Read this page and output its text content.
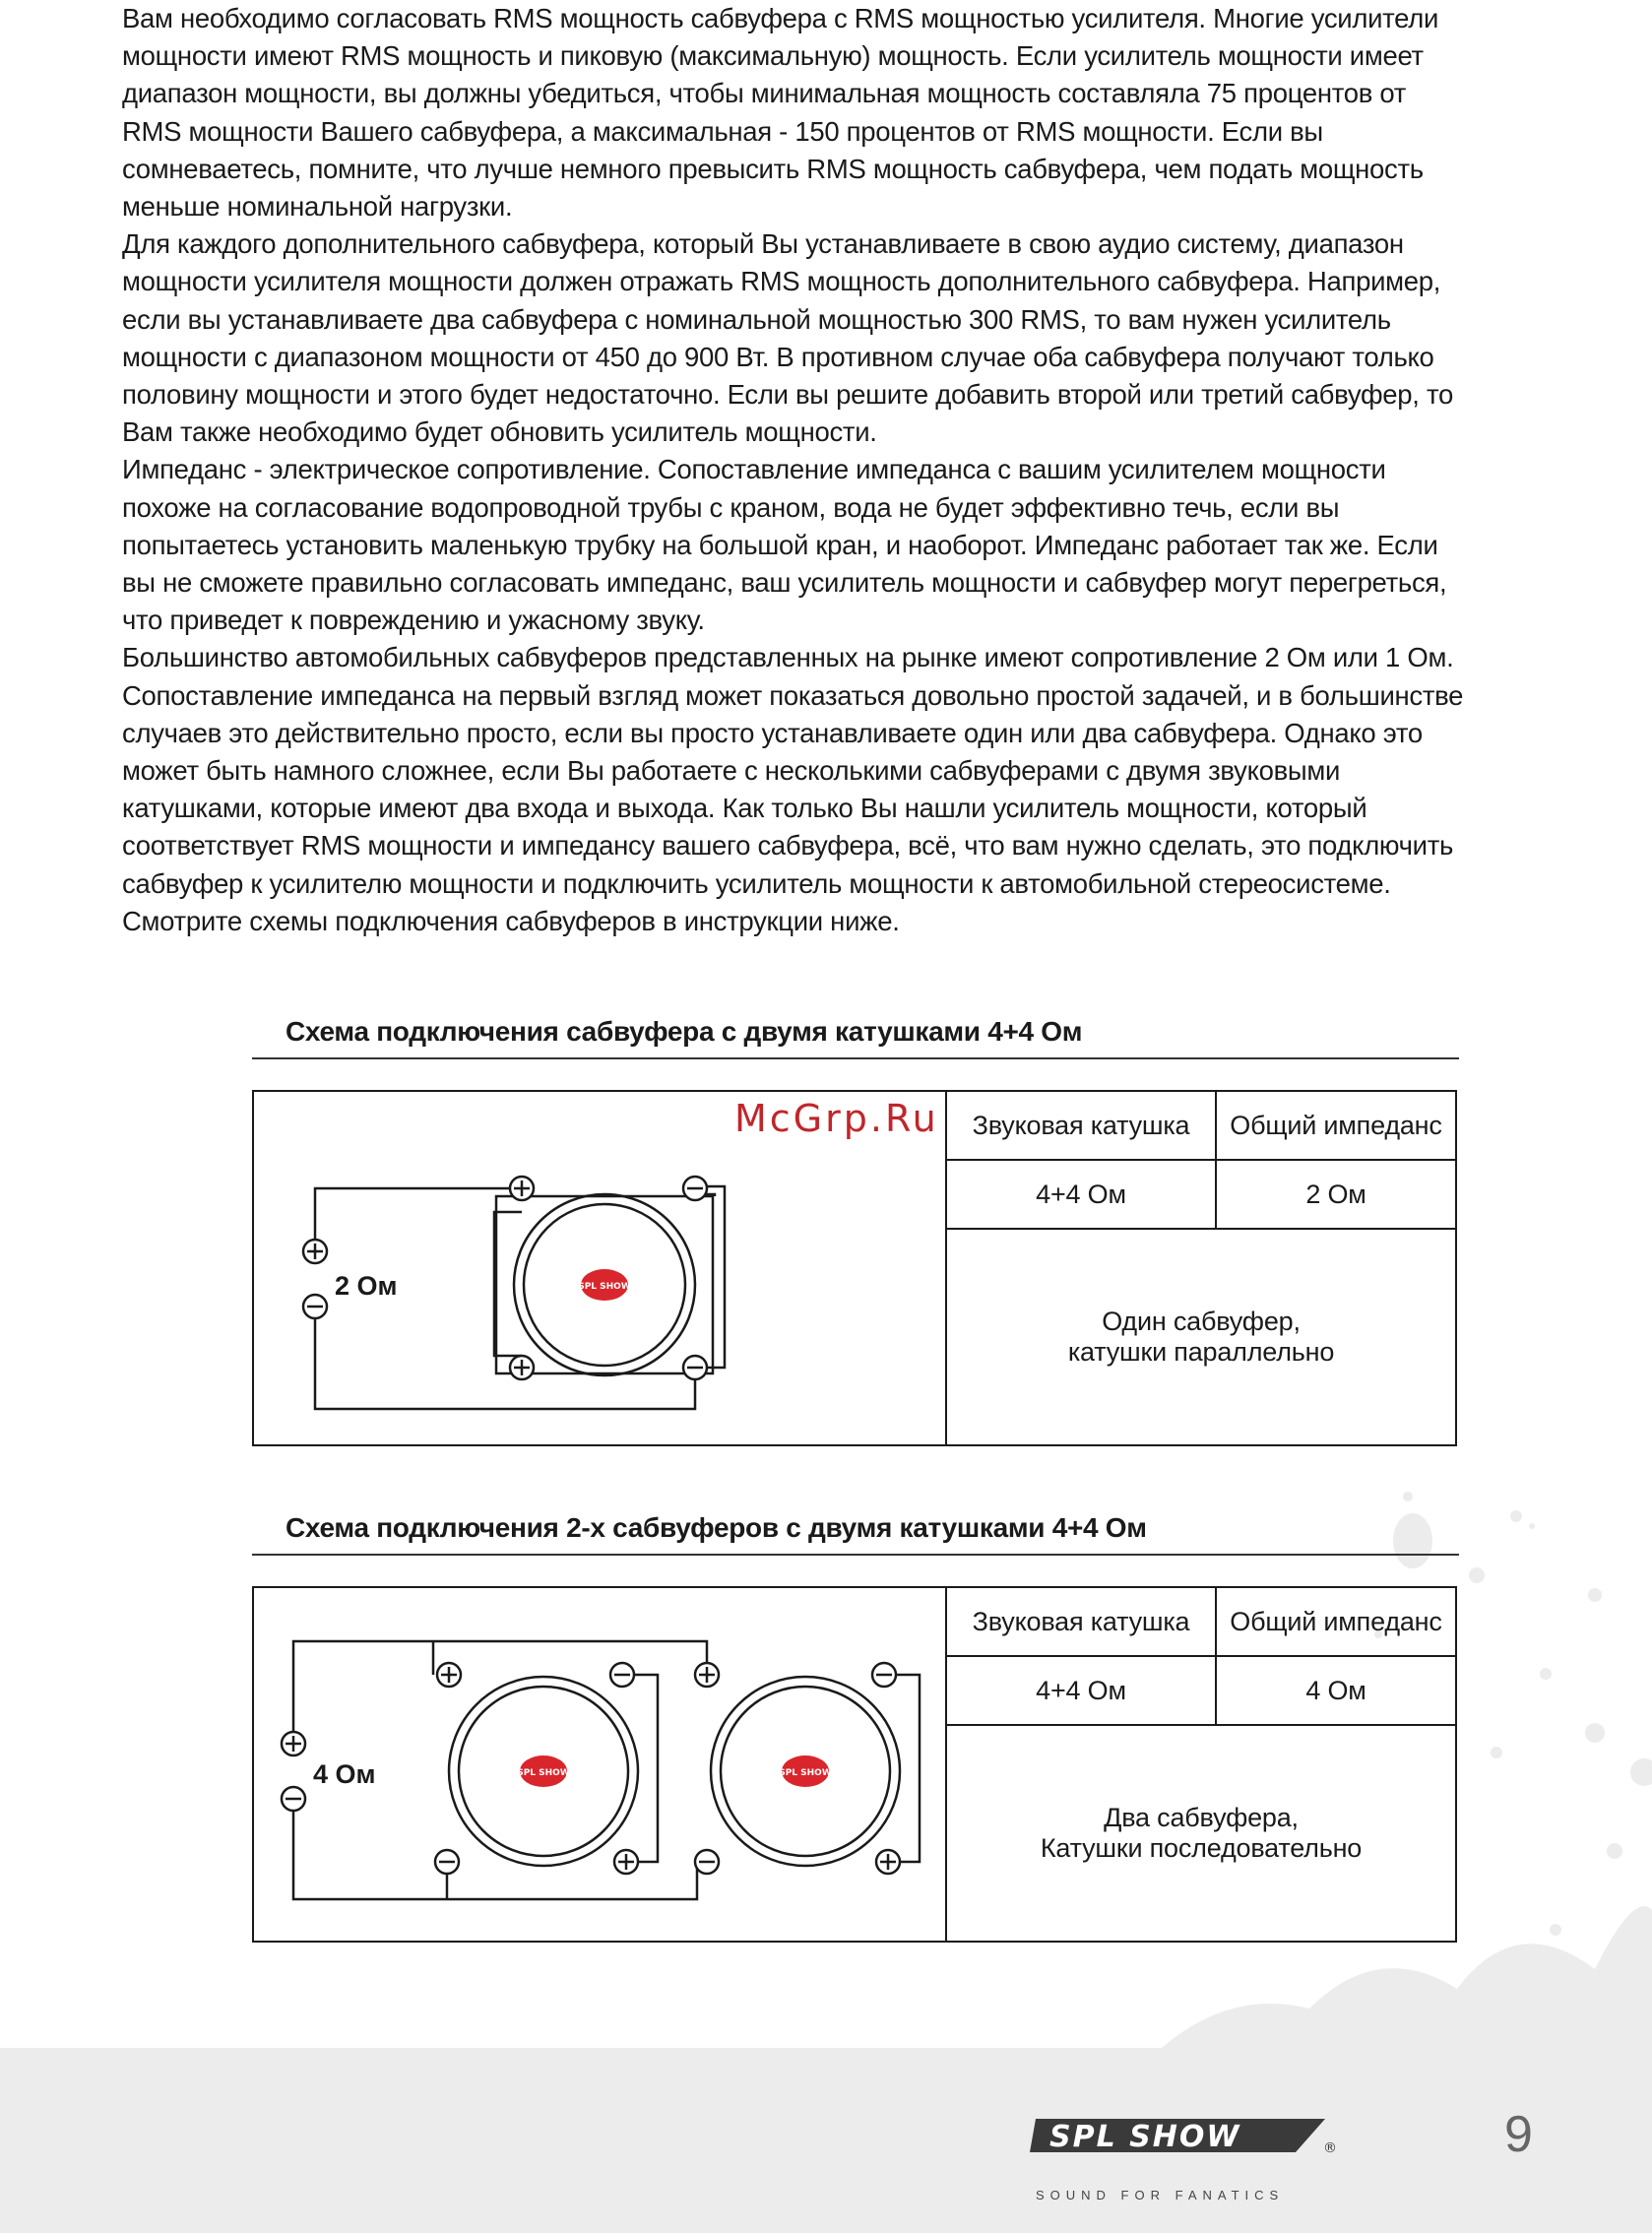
Вам необходимо согласовать RMS мощность сабвуфера с RMS мощностью усилителя. Многие усилители

мощности имеют RMS мощность и пиковую (максимальную) мощность. Если усилитель мощности имеет

диапазон мощности, вы должны убедиться, чтобы минимальная мощность составляла 75 процентов от

RMS мощности Вашего сабвуфера, а максимальная - 150 процентов от RMS мощности. Если вы

сомневаетесь, помните, что лучше немного превысить RMS мощность сабвуфера, чем подать мощность

меньше номинальной нагрузки.

Для каждого дополнительного сабвуфера, который Вы устанавливаете в свою аудио систему, диапазон

мощности усилителя мощности должен отражать RMS мощность дополнительного сабвуфера. Например,

если вы устанавливаете два сабвуфера с номинальной мощностью 300 RMS, то вам нужен усилитель

мощности с диапазоном мощности от 450 до 900 Вт. В противном случае оба сабвуфера получают только

половину мощности и этого будет недостаточно. Если вы решите добавить второй или третий сабвуфер, то

Вам также необходимо будет обновить усилитель мощности.

Импеданс - электрическое сопротивление. Сопоставление импеданса с вашим усилителем мощности

похоже на согласование водопроводной трубы с краном, вода не будет эффективно течь, если вы

попытаетесь установить маленькую трубку на большой кран, и наоборот. Импеданс работает так же. Если

вы не сможете правильно согласовать импеданс, ваш усилитель мощности и сабвуфер могут перегреться,

что приведет к повреждению и ужасному звуку.

Большинство автомобильных сабвуферов представленных на рынке имеют сопротивление 2 Ом или 1 Ом.

Сопоставление импеданса на первый взгляд может показаться довольно простой задачей, и в большинстве

случаев это действительно просто, если вы просто устанавливаете один или два сабвуфера. Однако это

может быть намного сложнее, если Вы работаете с несколькими сабвуферами с двумя звуковыми

катушками, которые имеют два входа и выхода. Как только Вы нашли усилитель мощности, который

соответствует RMS мощности и импедансу вашего сабвуфера, всё, что вам нужно сделать, это подключить

сабвуфер к усилителю мощности и подключить усилитель мощности к автомобильной стереосистеме.

Смотрите схемы подключения сабвуферов в инструкции ниже.

Схема подключения сабвуфера с двумя катушками 4+4 Ом
SPL SHOW
2 Ом
Звуковая катушка	Общий импеданс
4+4 Ом	2 Ом
Один сабвуфер,
катушки параллельно
McGrp.Ru
Схема подключения 2-х сабвуферов с двумя катушками 4+4 Ом
SPL SHOW	SPL SHOW
4 Ом
Звуковая катушка	Общий импеданс
4+4 Ом	4 Ом
Два сабвуфера,
Катушки последовательно
SPL SHOW	®
SOUND FOR FANATICS
9
